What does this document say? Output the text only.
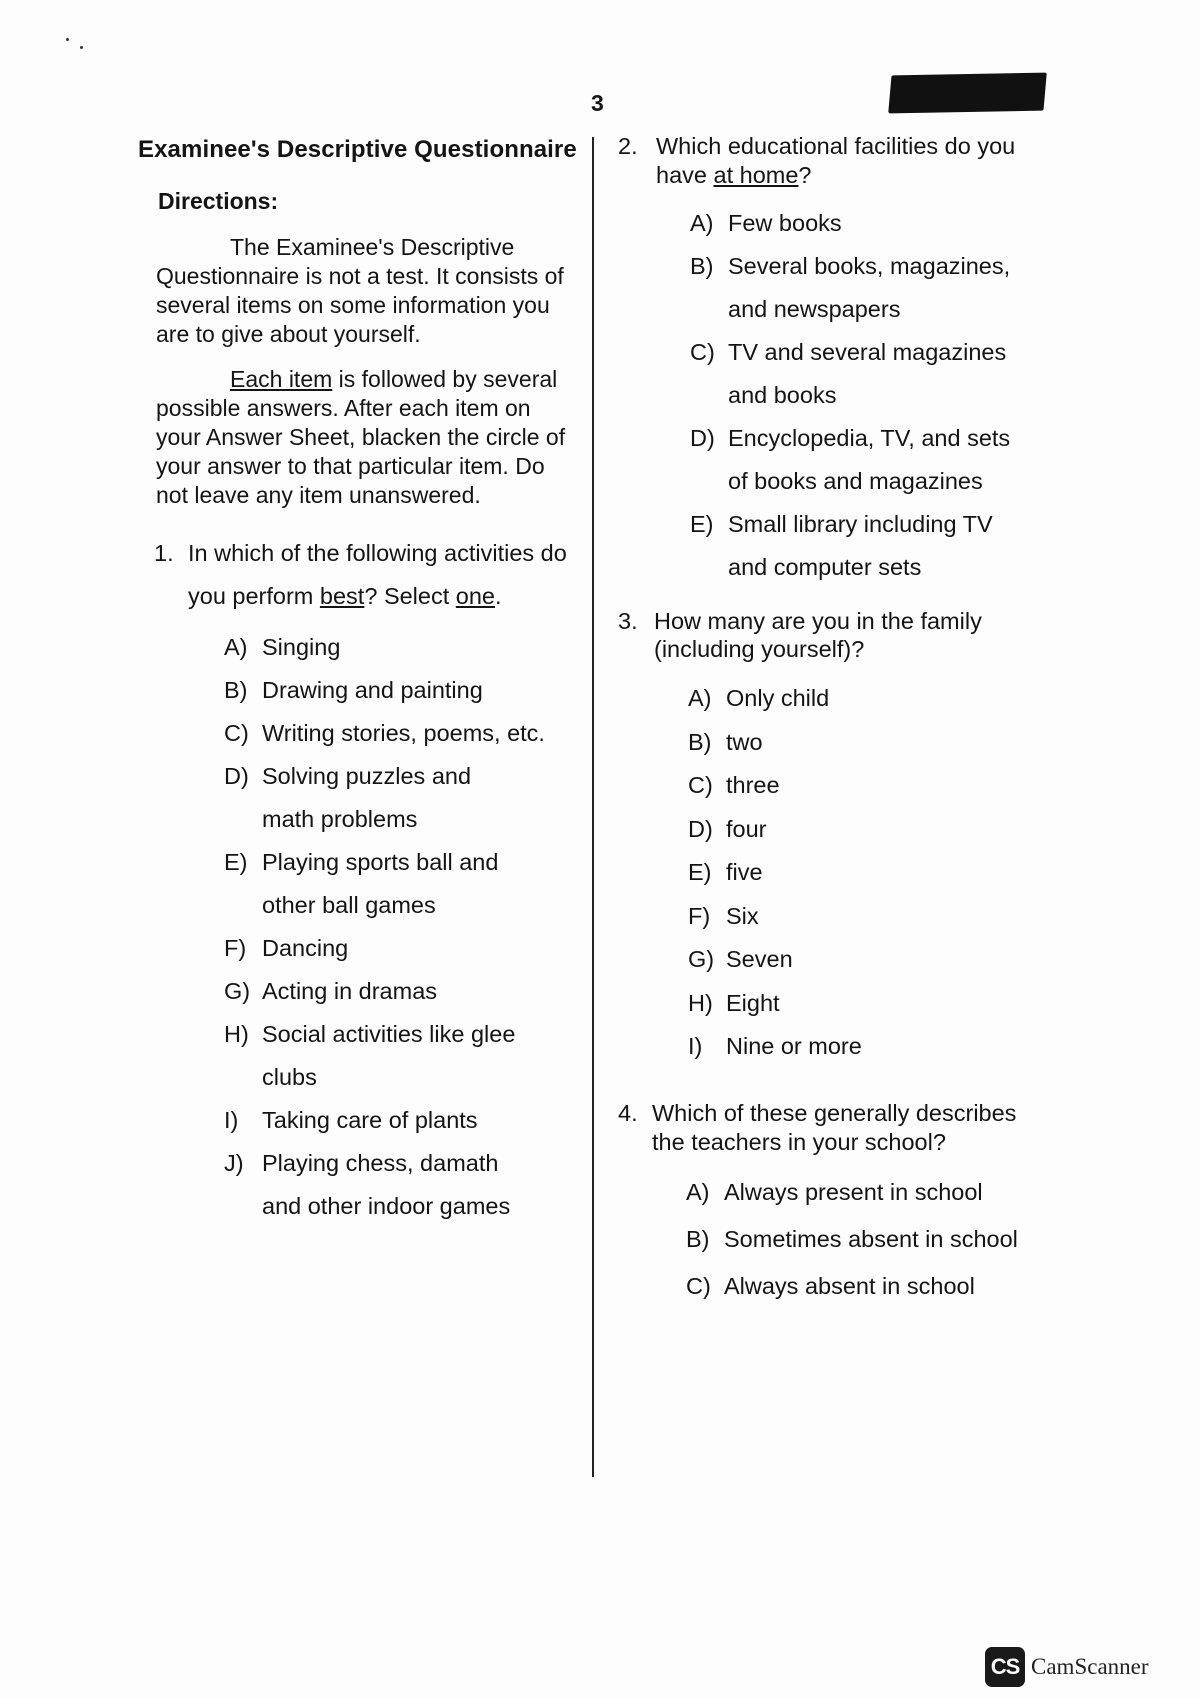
3
Examinee's Descriptive Questionnaire
Directions:

The Examinee's Descriptive Questionnaire is not a test. It consists of several items on some information you are to give about yourself.

Each item is followed by several possible answers. After each item on your Answer Sheet, blacken the circle of your answer to that particular item. Do not leave any item unanswered.

1. In which of the following activities do you perform best? Select one.
A) Singing
B) Drawing and painting
C) Writing stories, poems, etc.
D) Solving puzzles and math problems
E) Playing sports ball and other ball games
F) Dancing
G) Acting in dramas
H) Social activities like glee clubs
I)	Taking care of plants
J) Playing chess, damath and other indoor games
2. Which educational facilities do you have at home?
A) Few books
B) Several books, magazines, and newspapers
C) TV and several magazines and books
D) Encyclopedia, TV, and sets of books and magazines
E) Small library including TV and computer sets
3. How many are you in the family (including yourself)?
A) Only child
B) two
C) three
D) four
E) five
F) Six
G) Seven
H) Eight
I)	Nine or more
4. Which of these generally describes the teachers in your school?
A) Always present in school
B) Sometimes absent in school
C) Always absent in school
CS CamScanner
